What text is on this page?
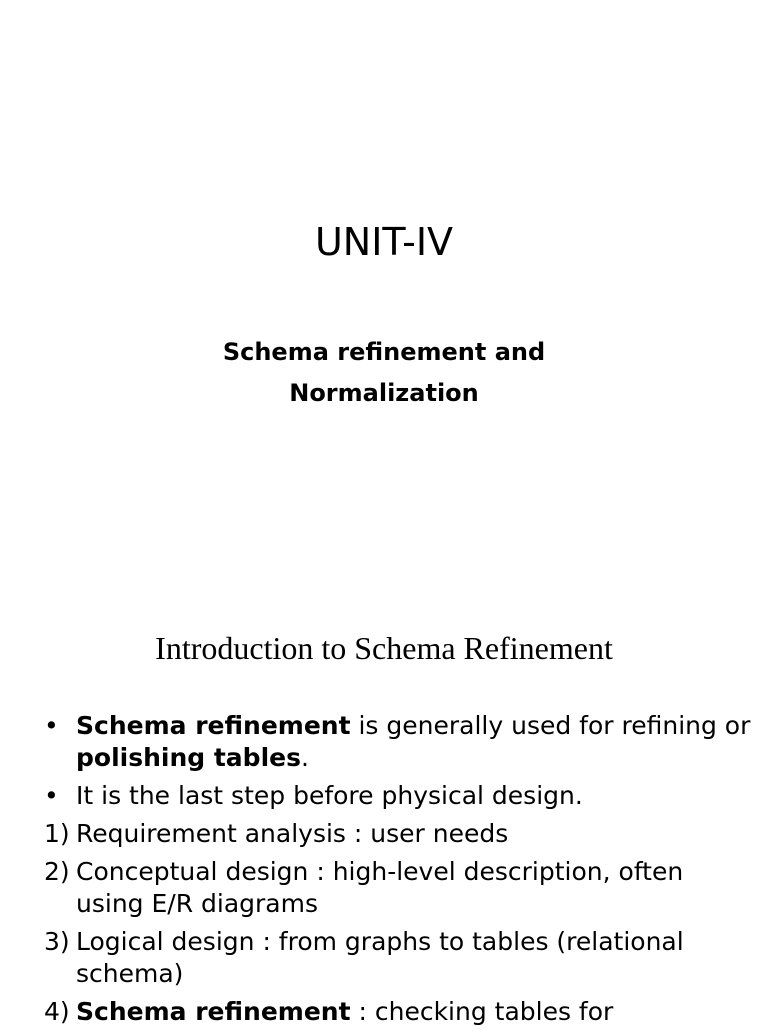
UNIT-IV
Schema refinement and
Normalization
Introduction to Schema Refinement
• Schema refinement is generally used for refining or polishing tables.
• It is the last step before physical design.
1) Requirement analysis : user needs
2) Conceptual design : high-level description, often using E/R diagrams
3) Logical design : from graphs to tables (relational schema)
4) Schema refinement : checking tables for
